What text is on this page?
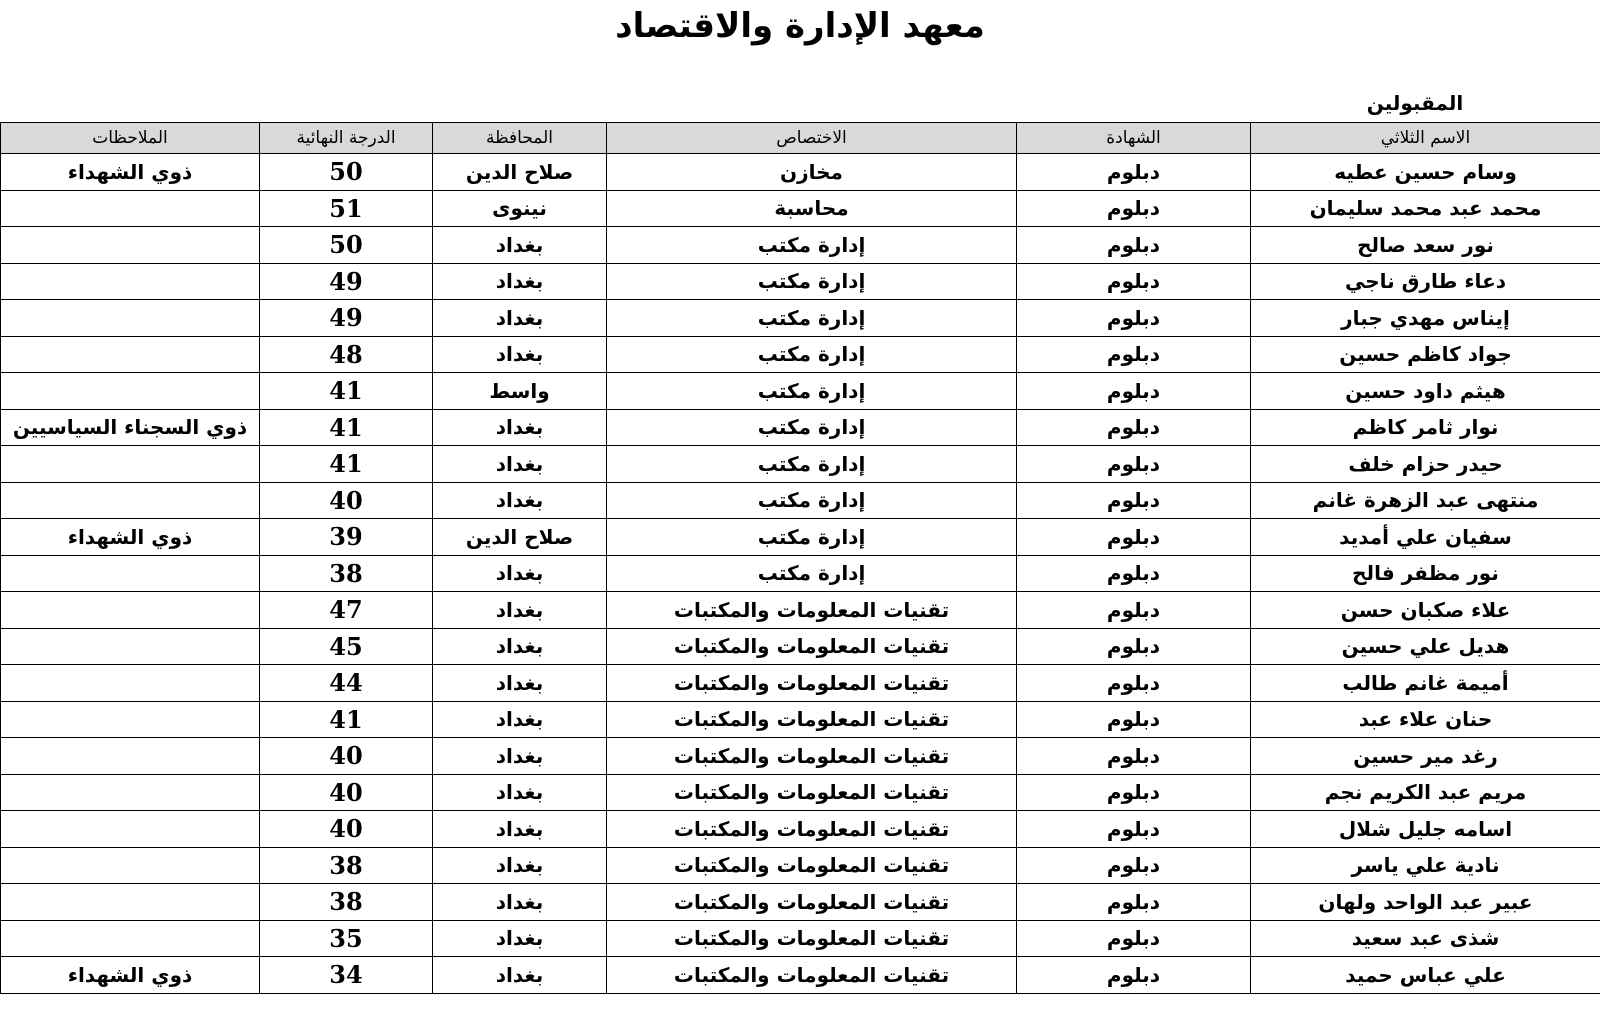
معهد الإدارة والاقتصاد
المقبولين
الاسم الثلاثي	الشهادة	الاختصاص	المحافظة	الدرجة النهائية	الملاحظات
وسام حسين عطيه	دبلوم	مخازن	صلاح الدين	50	ذوي الشهداء
محمد عبد محمد سليمان	دبلوم	محاسبة	نينوى	51	
نور سعد صالح	دبلوم	إدارة مكتب	بغداد	50	
دعاء طارق ناجي	دبلوم	إدارة مكتب	بغداد	49	
إيناس مهدي جبار	دبلوم	إدارة مكتب	بغداد	49	
جواد كاظم حسين	دبلوم	إدارة مكتب	بغداد	48	
هيثم داود حسين	دبلوم	إدارة مكتب	واسط	41	
نوار ثامر كاظم	دبلوم	إدارة مكتب	بغداد	41	ذوي السجناء السياسيين
حيدر حزام خلف	دبلوم	إدارة مكتب	بغداد	41	
منتهى عبد الزهرة غانم	دبلوم	إدارة مكتب	بغداد	40	
سفيان علي أمديد	دبلوم	إدارة مكتب	صلاح الدين	39	ذوي الشهداء
نور مظفر فالح	دبلوم	إدارة مكتب	بغداد	38	
علاء صكبان حسن	دبلوم	تقنيات المعلومات والمكتبات	بغداد	47	
هديل علي حسين	دبلوم	تقنيات المعلومات والمكتبات	بغداد	45	
أميمة غانم طالب	دبلوم	تقنيات المعلومات والمكتبات	بغداد	44	
حنان علاء عبد	دبلوم	تقنيات المعلومات والمكتبات	بغداد	41	
رغد مير حسين	دبلوم	تقنيات المعلومات والمكتبات	بغداد	40	
مريم عبد الكريم نجم	دبلوم	تقنيات المعلومات والمكتبات	بغداد	40	
اسامه جليل شلال	دبلوم	تقنيات المعلومات والمكتبات	بغداد	40	
نادية علي ياسر	دبلوم	تقنيات المعلومات والمكتبات	بغداد	38	
عبير عبد الواحد ولهان	دبلوم	تقنيات المعلومات والمكتبات	بغداد	38	
شذى عبد سعيد	دبلوم	تقنيات المعلومات والمكتبات	بغداد	35	
علي عباس حميد	دبلوم	تقنيات المعلومات والمكتبات	بغداد	34	ذوي الشهداء
